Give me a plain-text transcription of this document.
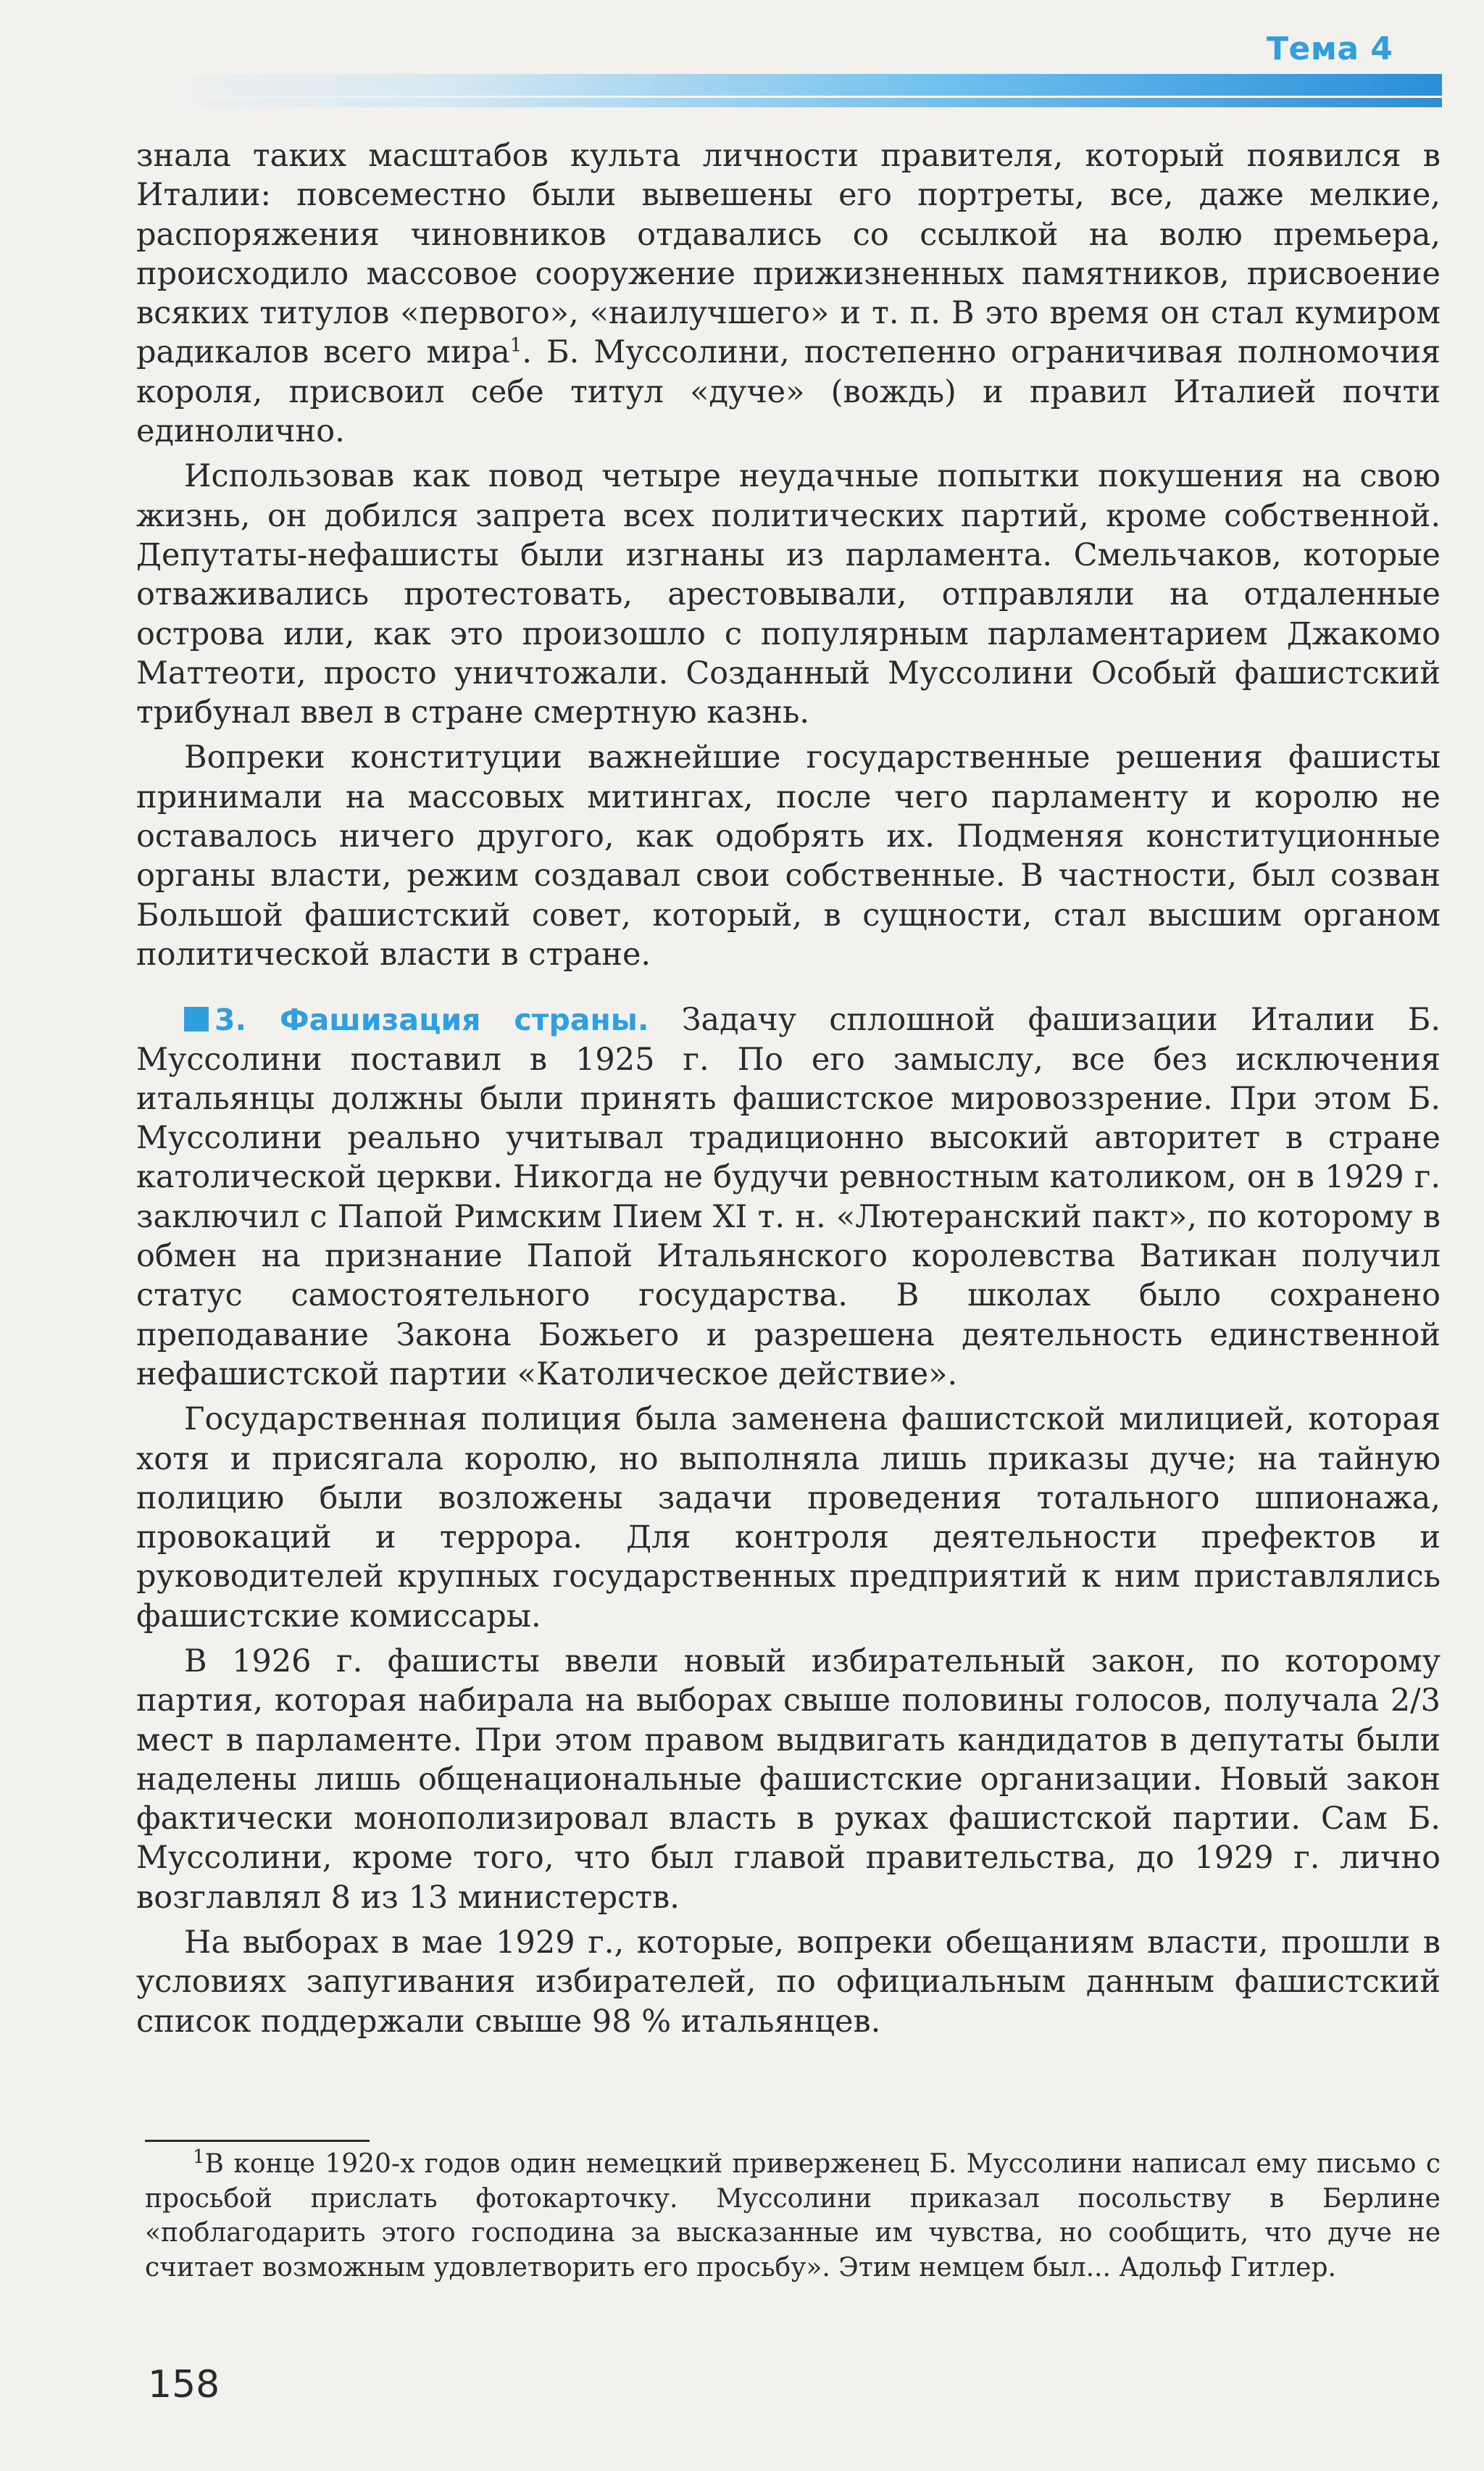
Тема 4

знала таких масштабов культа личности правителя, который появился в Италии: повсеместно были вывешены его портреты, все, даже мелкие, распоряжения чиновников отдавались со ссылкой на волю премьера, происходило массовое сооружение прижизненных памятников, присвоение всяких титулов «первого», «наилучшего» и т. п. В это время он стал кумиром радикалов всего мира$^1$. Б. Муссолини, постепенно ограничивая полномочия короля, присвоил себе титул «дуче» (вождь) и правил Италией почти единолично.

Использовав как повод четыре неудачные попытки покушения на свою жизнь, он добился запрета всех политических партий, кроме собственной. Депутаты-нефашисты были изгнаны из парламента. Смельчаков, которые отваживались протестовать, арестовывали, отправляли на отдаленные острова или, как это произошло с популярным парламентарием Джакомо Маттеоти, просто уничтожали. Созданный Муссолини Особый фашистский трибунал ввел в стране смертную казнь.

Вопреки конституции важнейшие государственные решения фашисты принимали на массовых митингах, после чего парламенту и королю не оставалось ничего другого, как одобрять их. Подменяя конституционные органы власти, режим создавал свои собственные. В частности, был созван Большой фашистский совет, который, в сущности, стал высшим органом политической власти в стране.

3. Фашизация страны. Задачу сплошной фашизации Италии Б. Муссолини поставил в 1925 г. По его замыслу, все без исключения итальянцы должны были принять фашистское мировоззрение. При этом Б. Муссолини реально учитывал традиционно высокий авторитет в стране католической церкви. Никогда не будучи ревностным католиком, он в 1929 г. заключил с Папой Римским Пием XI т. н. «Лютеранский пакт», по которому в обмен на признание Папой Итальянского королевства Ватикан получил статус самостоятельного государства. В школах было сохранено преподавание Закона Божьего и разрешена деятельность единственной нефашистской партии «Католическое действие».

Государственная полиция была заменена фашистской милицией, которая хотя и присягала королю, но выполняла лишь приказы дуче; на тайную полицию были возложены задачи проведения тотального шпионажа, провокаций и террора. Для контроля деятельности префектов и руководителей крупных государственных предприятий к ним приставлялись фашистские комиссары.

В 1926 г. фашисты ввели новый избирательный закон, по которому партия, которая набирала на выборах свыше половины голосов, получала 2/3 мест в парламенте. При этом правом выдвигать кандидатов в депутаты были наделены лишь общенациональные фашистские организации. Новый закон фактически монополизировал власть в руках фашистской партии. Сам Б. Муссолини, кроме того, что был главой правительства, до 1929 г. лично возглавлял 8 из 13 министерств.

На выборах в мае 1929 г., которые, вопреки обещаниям власти, прошли в условиях запугивания избирателей, по официальным данным фашистский список поддержали свыше 98 % итальянцев.

$^1$В конце 1920-х годов один немецкий приверженец Б. Муссолини написал ему письмо с просьбой прислать фотокарточку. Муссолини приказал посольству в Берлине «поблагодарить этого господина за высказанные им чувства, но сообщить, что дуче не считает возможным удовлетворить его просьбу». Этим немцем был... Адольф Гитлер.

158
